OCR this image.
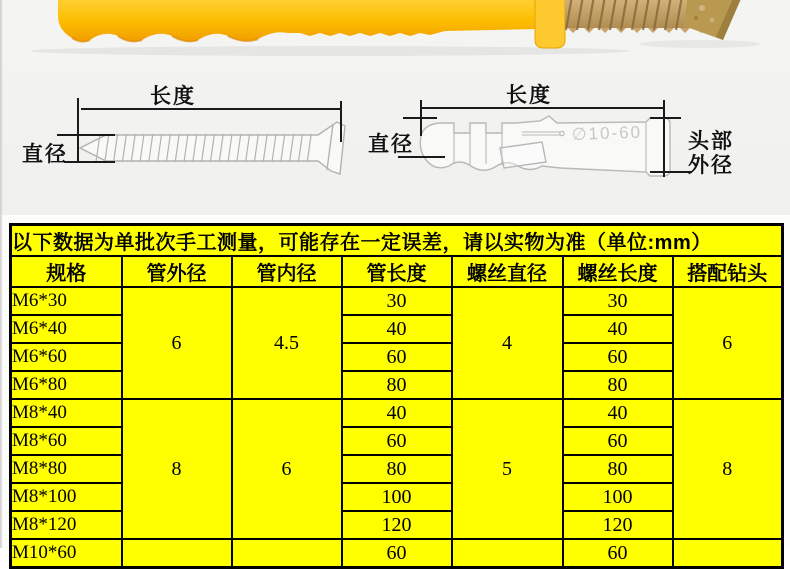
∅10-60
长度
直径
长度
直径	头部
外径
以下数据为单批次手工测量，可能存在一定误差，请以实物为准（单位:mm）						
规格	管外径	管内径	管长度	螺丝直径	螺丝长度	搭配钻头
M6*30	6	4.5	30	4	30	6
M6*40			40		40	
M6*60			60		60	
M6*80			80		80	
M8*40	8	6	40	5	40	8
M8*60			60		60	
M8*80			80		80	
M8*100			100		100	
M8*120			120		120	
M10*60			60		60	
